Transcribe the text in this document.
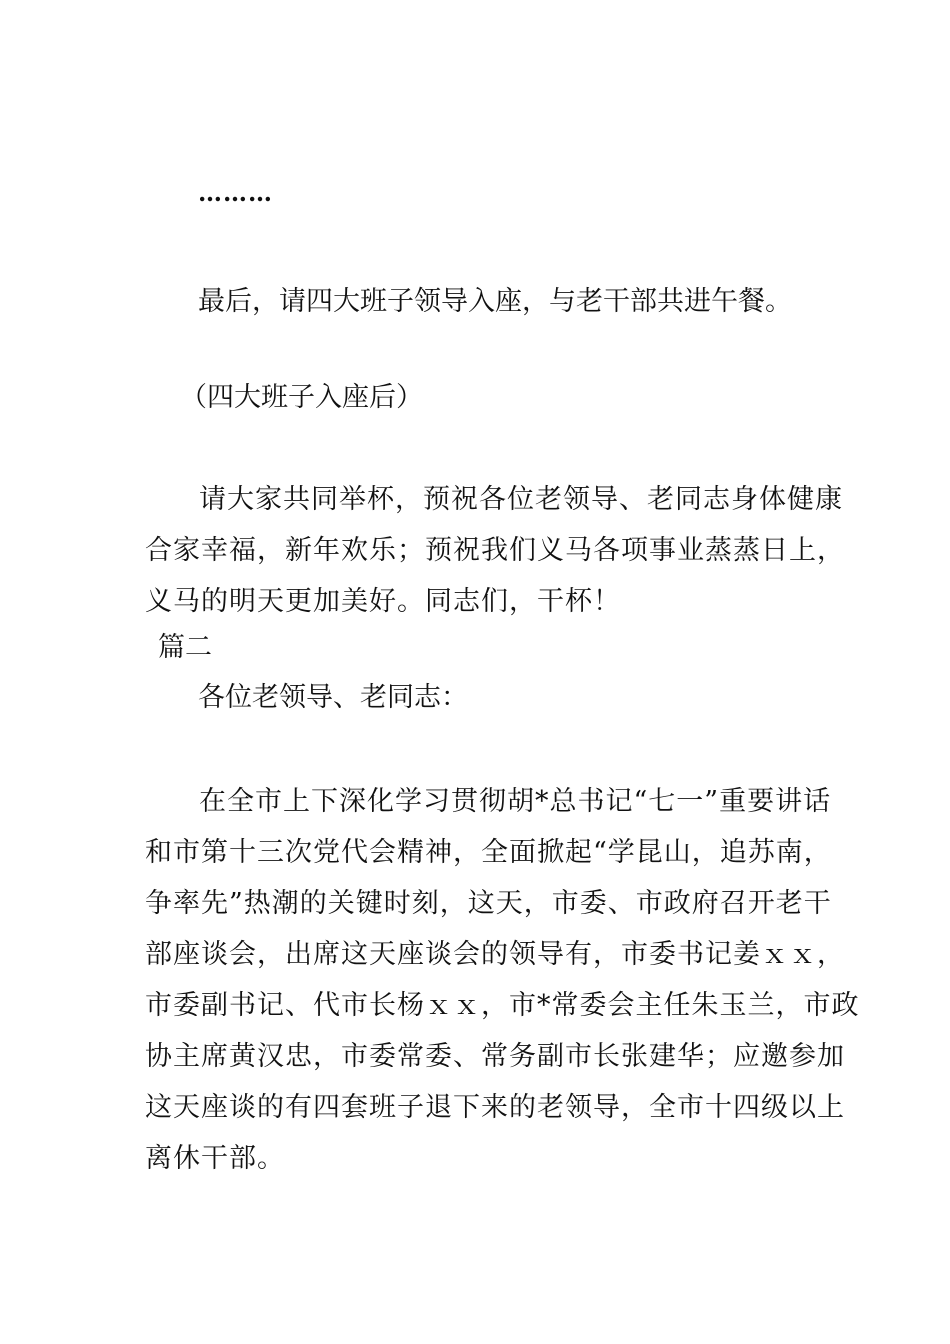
………
最后，请四大班子领导入座，与老干部共进午餐。
（四大班子入座后）
请大家共同举杯，预祝各位老领导、老同志身体健康
合家幸福，新年欢乐；预祝我们义马各项事业蒸蒸日上，
义马的明天更加美好。同志们，干杯！
篇二
各位老领导、老同志：
在全市上下深化学习贯彻胡*总书记“七一”重要讲话
和市第十三次党代会精神，全面掀起“学昆山，追苏南，
争率先”热潮的关键时刻，这天，市委、市政府召开老干
部座谈会，出席这天座谈会的领导有，市委书记姜ｘｘ，
市委副书记、代市长杨ｘｘ，市*常委会主任朱玉兰，市政
协主席黄汉忠，市委常委、常务副市长张建华；应邀参加
这天座谈的有四套班子退下来的老领导，全市十四级以上
离休干部。
